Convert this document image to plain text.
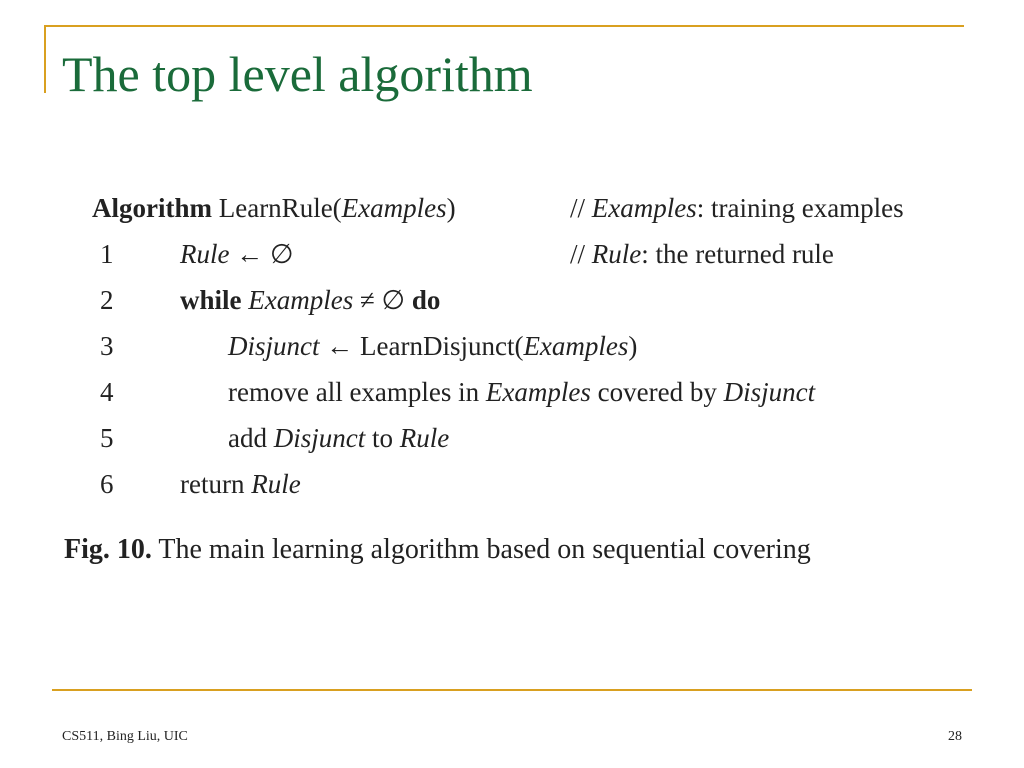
The top level algorithm
Algorithm LearnRule(Examples)	// Examples: training examples
1 Rule ← ∅	// Rule: the returned rule
2 while Examples ≠ ∅ do
3	Disjunct ← LearnDisjunct(Examples)
4	remove all examples in Examples covered by Disjunct
5	add Disjunct to Rule
6 return Rule
Fig. 10. The main learning algorithm based on sequential covering
CS511, Bing Liu, UIC	28
